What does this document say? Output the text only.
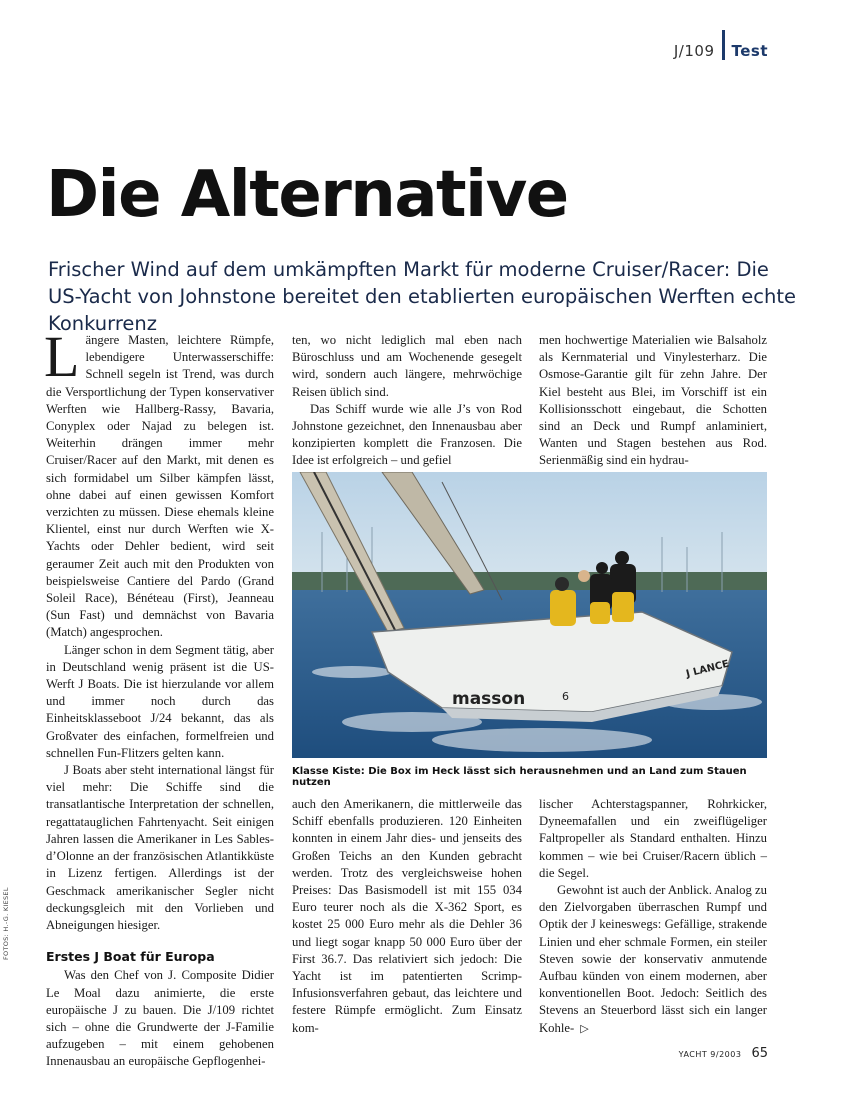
J/109 Test
Die Alternative

Frischer Wind auf dem umkämpften Markt für moderne Cruiser/Racer: Die US-Yacht von Johnstone bereitet den etablierten europäischen Werften echte Konkurrenz

Längere Masten, leichtere Rümpfe, lebendigere Unterwasserschiffe: Schnell segeln ist Trend, was durch die Versportlichung der Typen konservativer Werften wie Hallberg-Rassy, Bavaria, Conyplex oder Najad zu belegen ist. Weiterhin drängen immer mehr Cruiser/Racer auf den Markt, mit denen es sich formidabel um Silber kämpfen lässt, ohne dabei auf einen gewissen Komfort verzichten zu müssen. Diese ehemals kleine Klientel, einst nur durch Werften wie X-Yachts oder Dehler bedient, wird seit geraumer Zeit auch mit den Produkten von beispielsweise Cantiere del Pardo (Grand Soleil Race), Bénéteau (First), Jeanneau (Sun Fast) und demnächst von Bavaria (Match) angesprochen.

Länger schon in dem Segment tätig, aber in Deutschland wenig präsent ist die US-Werft J Boats. Die ist hierzulande vor allem und immer noch durch das Einheitsklasseboot J/24 bekannt, das als Großvater des einfachen, formelfreien und schnellen Fun-Flitzers gelten kann.

J Boats aber steht international längst für viel mehr: Die Schiffe sind die transatlantische Interpretation der schnellen, regattatauglichen Fahrtenyacht. Seit einigen Jahren lassen die Amerikaner in Les Sables-d’Olonne an der französischen Atlantikküste in Lizenz fertigen. Allerdings ist der Geschmack amerikanischer Segler nicht deckungsgleich mit den Vorlieben und Abneigungen hiesiger.

Erstes J Boat für Europa

Was den Chef von J. Composite Didier Le Moal dazu animierte, die erste europäische J zu bauen. Die J/109 richtet sich – ohne die Grundwerte der J-Familie aufzugeben – mit einem gehobenen Innenausbau an europäische Gepflogenhei-

ten, wo nicht lediglich mal eben nach Büroschluss und am Wochenende gesegelt wird, sondern auch längere, mehrwöchige Reisen üblich sind.

Das Schiff wurde wie alle J’s von Rod Johnstone gezeichnet, den Innenausbau aber konzipierten komplett die Franzosen. Die Idee ist erfolgreich – und gefiel

men hochwertige Materialien wie Balsaholz als Kernmaterial und Vinylesterharz. Die Osmose-Garantie gilt für zehn Jahre. Der Kiel besteht aus Blei, im Vorschiff ist ein Kollisionsschott eingebaut, die Schotten sind an Deck und Rumpf anlaminiert, Wanten und Stagen bestehen aus Rod. Serienmäßig sind ein hydrau-

masson
J LANCE
6
Klasse Kiste: Die Box im Heck lässt sich herausnehmen und an Land zum Stauen nutzen

auch den Amerikanern, die mittlerweile das Schiff ebenfalls produzieren. 120 Einheiten konnten in einem Jahr dies- und jenseits des Großen Teichs an den Kunden gebracht werden. Trotz des vergleichsweise hohen Preises: Das Basismodell ist mit 155 034 Euro teurer noch als die X-362 Sport, es kostet 25 000 Euro mehr als die Dehler 36 und liegt sogar knapp 50 000 Euro über der First 36.7. Das relativiert sich jedoch: Die Yacht ist im patentierten Scrimp-Infusionsverfahren gebaut, das leichtere und festere Rümpfe ermöglicht. Zum Einsatz kom-

lischer Achterstagspanner, Rohrkicker, Dyneemafallen und ein zweiflügeliger Faltpropeller als Standard enthalten. Hinzu kommen – wie bei Cruiser/Racern üblich – die Segel.

Gewohnt ist auch der Anblick. Analog zu den Zielvorgaben überraschen Rumpf und Optik der J keineswegs: Gefällige, strakende Linien und eher schmale Formen, ein steiler Steven sowie der konservativ anmutende Aufbau künden von einem modernen, aber konventionellen Boot. Jedoch: Seitlich des Stevens an Steuerbord lässt sich ein langer Kohle- ▷

FOTOS: H.-G. KIESEL
YACHT 9/2003 65
